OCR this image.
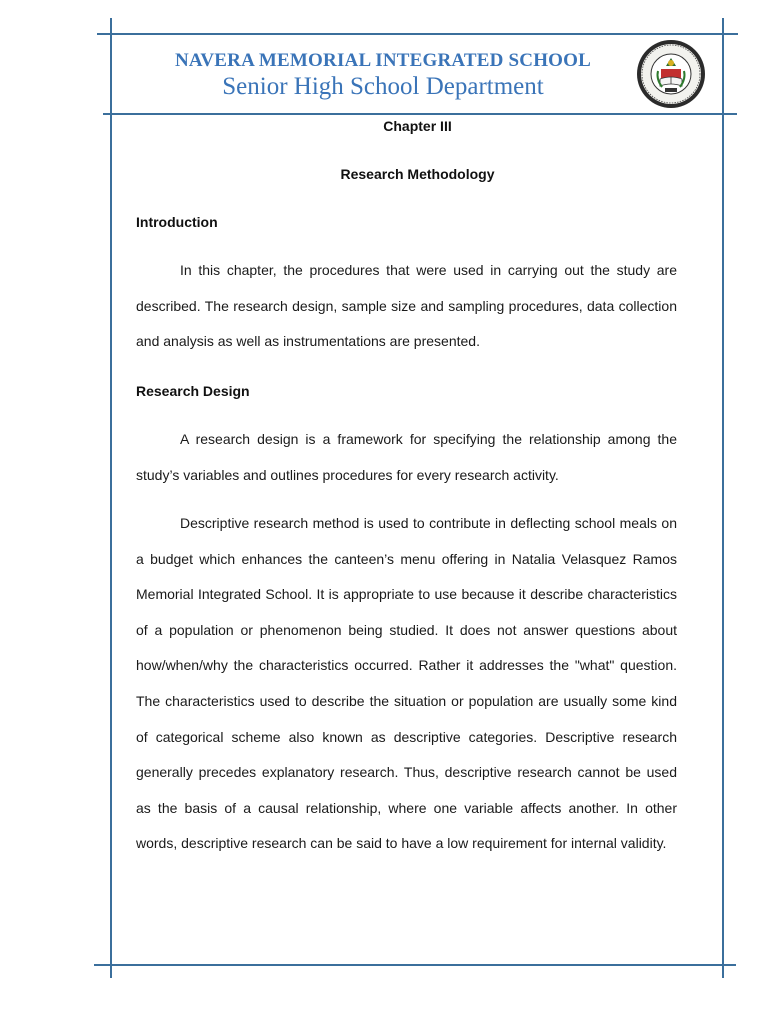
NAVERA MEMORIAL INTEGRATED SCHOOL
Senior High School Department
Chapter III
Research Methodology
Introduction

In this chapter, the procedures that were used in carrying out the study are described. The research design, sample size and sampling procedures, data collection and analysis as well as instrumentations are presented.

Research Design

A research design is a framework for specifying the relationship among the study’s variables and outlines procedures for every research activity.

Descriptive research method is used to contribute in deflecting school meals on a budget which enhances the canteen’s menu offering in Natalia Velasquez Ramos Memorial Integrated School. It is appropriate to use because it describe characteristics of a population or phenomenon being studied. It does not answer questions about how/when/why the characteristics occurred. Rather it addresses the "what" question. The characteristics used to describe the situation or population are usually some kind of categorical scheme also known as descriptive categories. Descriptive research generally precedes explanatory research. Thus, descriptive research cannot be used as the basis of a causal relationship, where one variable affects another. In other words, descriptive research can be said to have a low requirement for internal validity.
